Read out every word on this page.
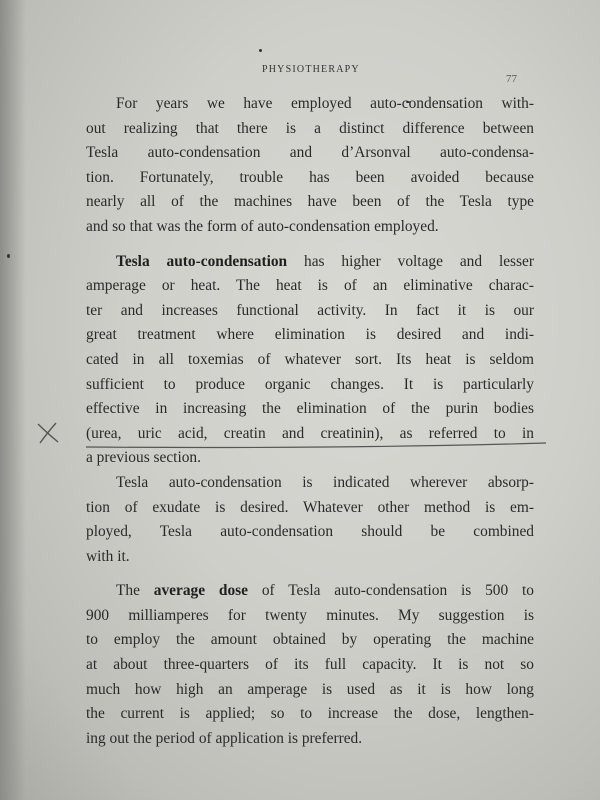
PHYSIOTHERAPY
77
For years we have employed auto-condensation with-
out realizing that there is a distinct difference between
Tesla auto-condensation and d’Arsonval auto-condensa-
tion. Fortunately, trouble has been avoided because
nearly all of the machines have been of the Tesla type
and so that was the form of auto-condensation employed.
Tesla auto-condensation has higher voltage and lesser
amperage or heat. The heat is of an eliminative charac-
ter and increases functional activity. In fact it is our
great treatment where elimination is desired and indi-
cated in all toxemias of whatever sort. Its heat is seldom
sufficient to produce organic changes. It is particularly
effective in increasing the elimination of the purin bodies
(urea, uric acid, creatin and creatinin), as referred to in
a previous section.
Tesla auto-condensation is indicated wherever absorp-
tion of exudate is desired. Whatever other method is em-
ployed, Tesla auto-condensation should be combined
with it.
The average dose of Tesla auto-condensation is 500 to
900 milliamperes for twenty minutes. My suggestion is
to employ the amount obtained by operating the machine
at about three-quarters of its full capacity. It is not so
much how high an amperage is used as it is how long
the current is applied; so to increase the dose, lengthen-
ing out the period of application is preferred.
